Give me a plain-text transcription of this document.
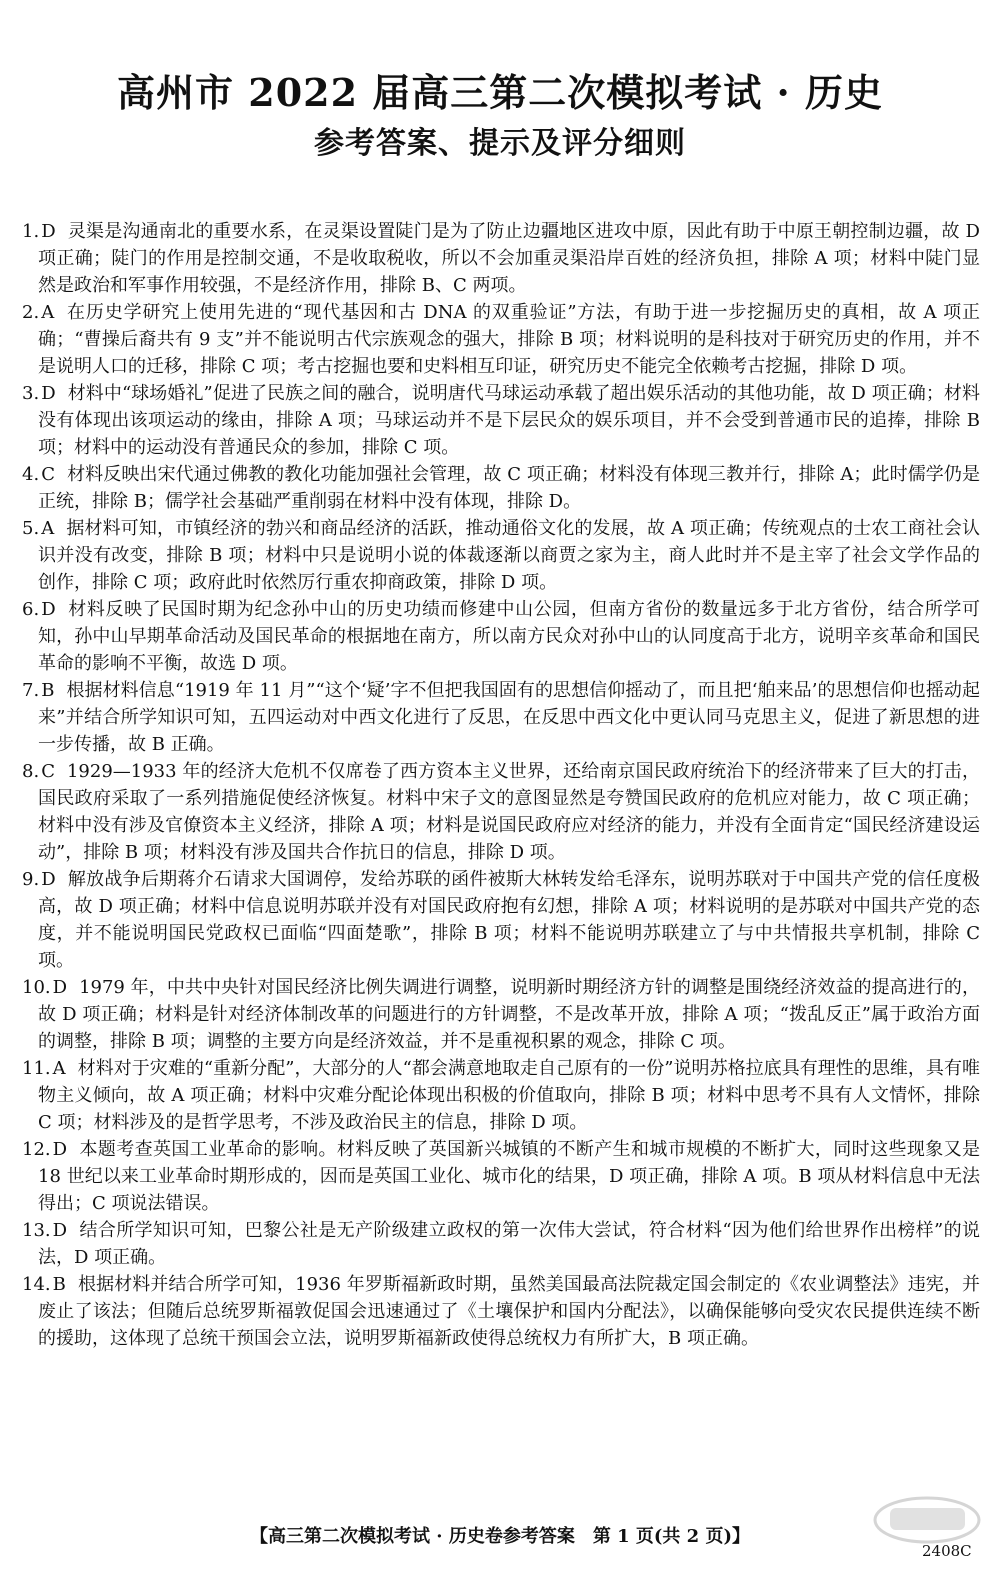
高州市 2022 届高三第二次模拟考试 · 历史
参考答案、提示及评分细则

1. D 灵渠是沟通南北的重要水系，在灵渠设置陡门是为了防止边疆地区进攻中原，因此有助于中原王朝控制边疆，故 D 项正确；陡门的作用是控制交通，不是收取税收，所以不会加重灵渠沿岸百姓的经济负担，排除 A 项；材料中陡门显然是政治和军事作用较强，不是经济作用，排除 B、C 两项。

2. A 在历史学研究上使用先进的“现代基因和古 DNA 的双重验证”方法，有助于进一步挖掘历史的真相，故 A 项正确；“曹操后裔共有 9 支”并不能说明古代宗族观念的强大，排除 B 项；材料说明的是科技对于研究历史的作用，并不是说明人口的迁移，排除 C 项；考古挖掘也要和史料相互印证，研究历史不能完全依赖考古挖掘，排除 D 项。

3. D 材料中“球场婚礼”促进了民族之间的融合，说明唐代马球运动承载了超出娱乐活动的其他功能，故 D 项正确；材料没有体现出该项运动的缘由，排除 A 项；马球运动并不是下层民众的娱乐项目，并不会受到普通市民的追捧，排除 B 项；材料中的运动没有普通民众的参加，排除 C 项。

4. C 材料反映出宋代通过佛教的教化功能加强社会管理，故 C 项正确；材料没有体现三教并行，排除 A；此时儒学仍是正统，排除 B；儒学社会基础严重削弱在材料中没有体现，排除 D。

5. A 据材料可知，市镇经济的勃兴和商品经济的活跃，推动通俗文化的发展，故 A 项正确；传统观点的士农工商社会认识并没有改变，排除 B 项；材料中只是说明小说的体裁逐渐以商贾之家为主，商人此时并不是主宰了社会文学作品的创作，排除 C 项；政府此时依然厉行重农抑商政策，排除 D 项。

6. D 材料反映了民国时期为纪念孙中山的历史功绩而修建中山公园，但南方省份的数量远多于北方省份，结合所学可知，孙中山早期革命活动及国民革命的根据地在南方，所以南方民众对孙中山的认同度高于北方，说明辛亥革命和国民革命的影响不平衡，故选 D 项。

7. B 根据材料信息“1919 年 11 月”“这个‘疑’字不但把我国固有的思想信仰摇动了，而且把‘舶来品’的思想信仰也摇动起来”并结合所学知识可知，五四运动对中西文化进行了反思，在反思中西文化中更认同马克思主义，促进了新思想的进一步传播，故 B 正确。

8. C 1929—1933 年的经济大危机不仅席卷了西方资本主义世界，还给南京国民政府统治下的经济带来了巨大的打击，国民政府采取了一系列措施促使经济恢复。材料中宋子文的意图显然是夸赞国民政府的危机应对能力，故 C 项正确；材料中没有涉及官僚资本主义经济，排除 A 项；材料是说国民政府应对经济的能力，并没有全面肯定“国民经济建设运动”，排除 B 项；材料没有涉及国共合作抗日的信息，排除 D 项。

9. D 解放战争后期蒋介石请求大国调停，发给苏联的函件被斯大林转发给毛泽东，说明苏联对于中国共产党的信任度极高，故 D 项正确；材料中信息说明苏联并没有对国民政府抱有幻想，排除 A 项；材料说明的是苏联对中国共产党的态度，并不能说明国民党政权已面临“四面楚歌”，排除 B 项；材料不能说明苏联建立了与中共情报共享机制，排除 C 项。

10. D 1979 年，中共中央针对国民经济比例失调进行调整，说明新时期经济方针的调整是围绕经济效益的提高进行的，故 D 项正确；材料是针对经济体制改革的问题进行的方针调整，不是改革开放，排除 A 项；“拨乱反正”属于政治方面的调整，排除 B 项；调整的主要方向是经济效益，并不是重视积累的观念，排除 C 项。

11. A 材料对于灾难的“重新分配”，大部分的人“都会满意地取走自己原有的一份”说明苏格拉底具有理性的思维，具有唯物主义倾向，故 A 项正确；材料中灾难分配论体现出积极的价值取向，排除 B 项；材料中思考不具有人文情怀，排除 C 项；材料涉及的是哲学思考，不涉及政治民主的信息，排除 D 项。

12. D 本题考查英国工业革命的影响。材料反映了英国新兴城镇的不断产生和城市规模的不断扩大，同时这些现象又是 18 世纪以来工业革命时期形成的，因而是英国工业化、城市化的结果，D 项正确，排除 A 项。B 项从材料信息中无法得出；C 项说法错误。

13. D 结合所学知识可知，巴黎公社是无产阶级建立政权的第一次伟大尝试，符合材料“因为他们给世界作出榜样”的说法，D 项正确。

14. B 根据材料并结合所学可知，1936 年罗斯福新政时期，虽然美国最高法院裁定国会制定的《农业调整法》违宪，并废止了该法；但随后总统罗斯福敦促国会迅速通过了《土壤保护和国内分配法》，以确保能够向受灾农民提供连续不断的援助，这体现了总统干预国会立法，说明罗斯福新政使得总统权力有所扩大，B 项正确。

【高三第二次模拟考试 · 历史卷参考答案　第 1 页(共 2 页)】
2408C
